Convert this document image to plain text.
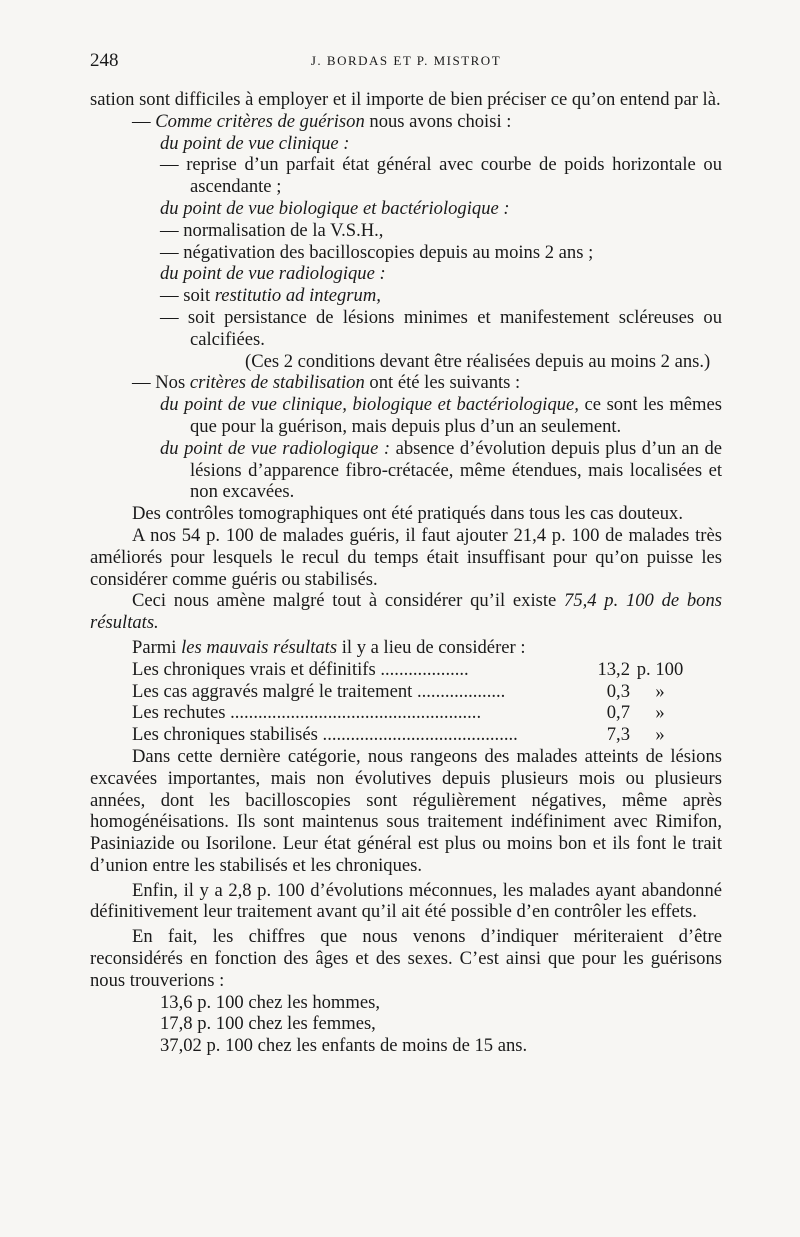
248	J. BORDAS ET P. MISTROT

sation sont difficiles à employer et il importe de bien préciser ce qu’on entend par là.

— Comme critères de guérison nous avons choisi :

du point de vue clinique :

— reprise d’un parfait état général avec courbe de poids horizontale ou ascendante ;

du point de vue biologique et bactériologique :

— normalisation de la V.S.H.,

— négativation des bacilloscopies depuis au moins 2 ans ;

du point de vue radiologique :

— soit restitutio ad integrum,

— soit persistance de lésions minimes et manifestement scléreuses ou calcifiées.

(Ces 2 conditions devant être réalisées depuis au moins 2 ans.)

— Nos critères de stabilisation ont été les suivants :

du point de vue clinique, biologique et bactériologique, ce sont les mêmes que pour la guérison, mais depuis plus d’un an seulement.

du point de vue radiologique : absence d’évolution depuis plus d’un an de lésions d’apparence fibro-crétacée, même étendues, mais localisées et non excavées.

Des contrôles tomographiques ont été pratiqués dans tous les cas douteux.

A nos 54 p. 100 de malades guéris, il faut ajouter 21,4 p. 100 de malades très améliorés pour lesquels le recul du temps était insuffisant pour qu’on puisse les considérer comme guéris ou stabilisés.

Ceci nous amène malgré tout à considérer qu’il existe 75,4 p. 100 de bons résultats.

Parmi les mauvais résultats il y a lieu de considérer :

Les chroniques vrais et définitifs ...................	13,2	p. 100
Les cas aggravés malgré le traitement ...................	0,3	»
Les rechutes ......................................................	0,7	»
Les chroniques stabilisés ..........................................	7,3	»

Dans cette dernière catégorie, nous rangeons des malades atteints de lésions excavées importantes, mais non évolutives depuis plusieurs mois ou plusieurs années, dont les bacilloscopies sont régulièrement négatives, même après homogénéisations. Ils sont maintenus sous traitement indéfiniment avec Rimifon, Pasiniazide ou Isorilone. Leur état général est plus ou moins bon et ils font le trait d’union entre les stabilisés et les chroniques.

Enfin, il y a 2,8 p. 100 d’évolutions méconnues, les malades ayant abandonné définitivement leur traitement avant qu’il ait été possible d’en contrôler les effets.

En fait, les chiffres que nous venons d’indiquer mériteraient d’être reconsidérés en fonction des âges et des sexes. C’est ainsi que pour les guérisons nous trouverions :

13,6 p. 100 chez les hommes,
17,8 p. 100 chez les femmes,
37,02 p. 100 chez les enfants de moins de 15 ans.
